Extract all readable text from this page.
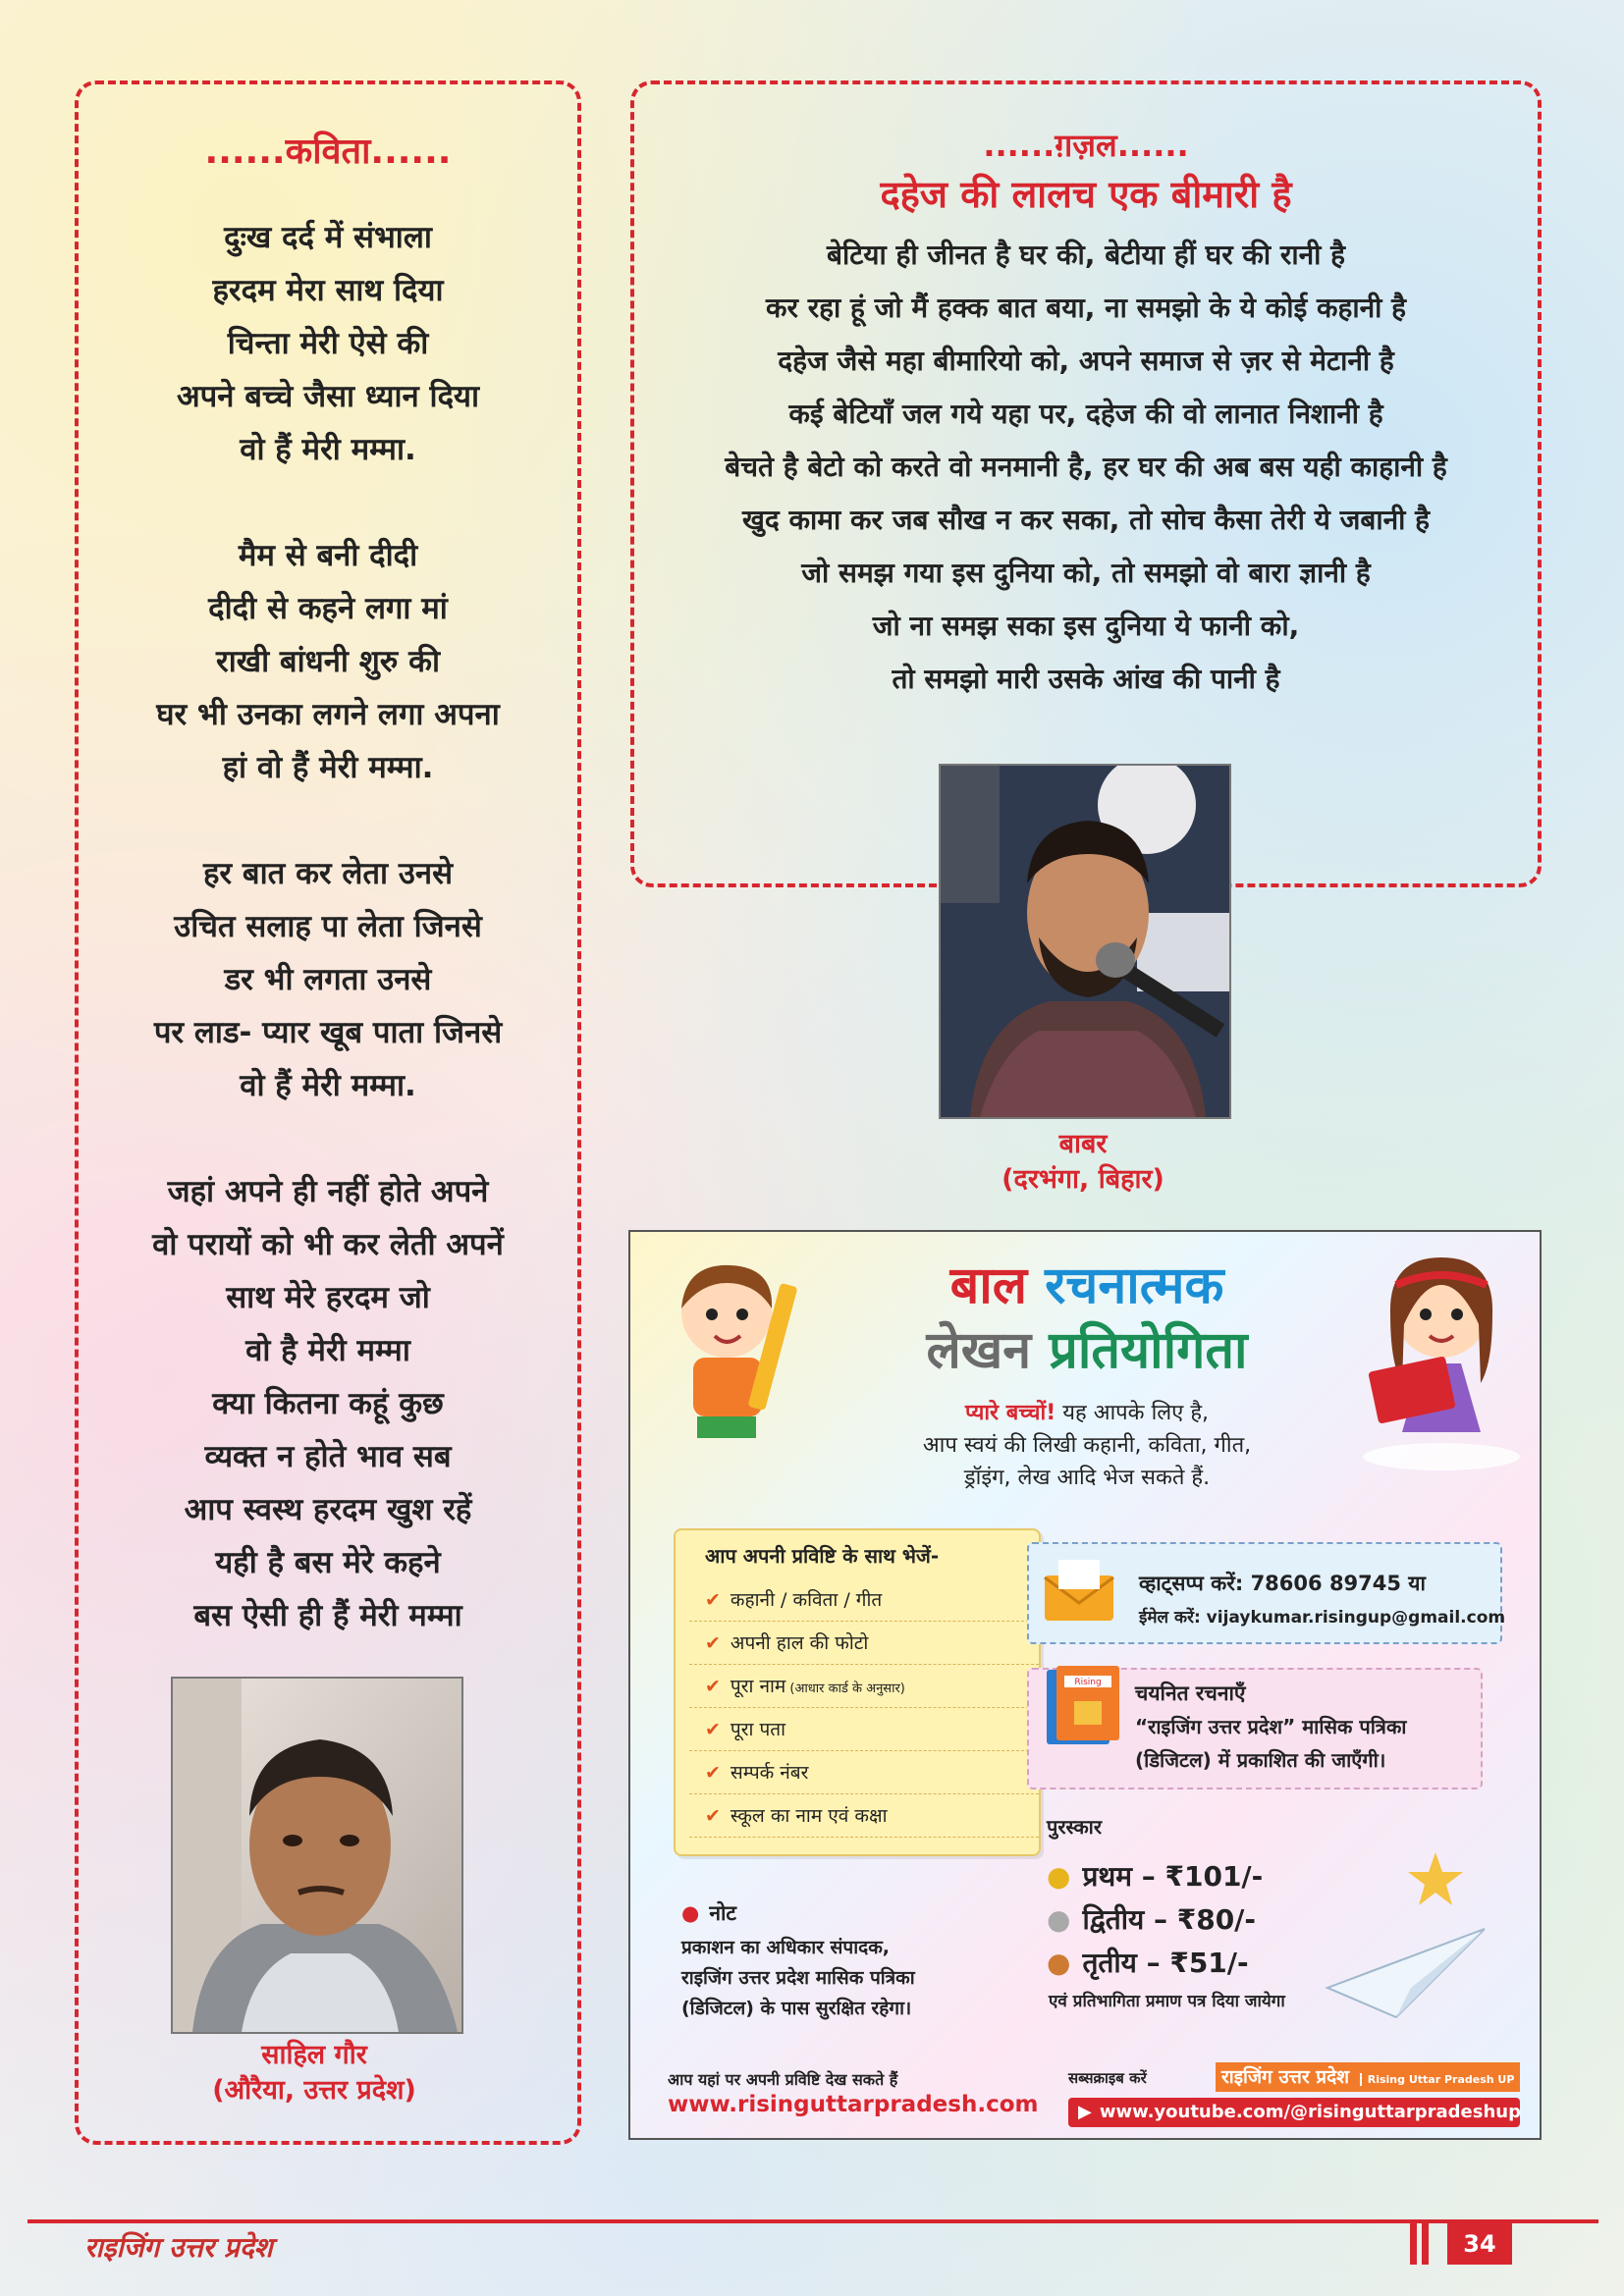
......कविता......
दुःख दर्द में संभाला
हरदम मेरा साथ दिया
चिन्ता मेरी ऐसे की
अपने बच्चे जैसा ध्यान दिया
वो हैं मेरी मम्मा.
मैम से बनी दीदी
दीदी से कहने लगा मां
राखी बांधनी शुरु की
घर भी उनका लगने लगा अपना
हां वो हैं मेरी मम्मा.
हर बात कर लेता उनसे
उचित सलाह पा लेता जिनसे
डर भी लगता उनसे
पर लाड- प्यार खूब पाता जिनसे
वो हैं मेरी मम्मा.
जहां अपने ही नहीं होते अपने
वो परायों को भी कर लेती अपनें
साथ मेरे हरदम जो
वो है मेरी मम्मा
क्या कितना कहूं कुछ
व्यक्त न होते भाव सब
आप स्वस्थ हरदम खुश रहें
यही है बस मेरे कहने
बस ऐसी ही हैं मेरी मम्मा
साहिल गौर
(औरैया, उत्तर प्रदेश)
......ग़ज़ल......
दहेज की लालच एक बीमारी है
बेटिया ही जीनत है घर की, बेटीया हीं घर की रानी है
कर रहा हूं जो मैं हक्क बात बया, ना समझो के ये कोई कहानी है
दहेज जैसे महा बीमारियो को, अपने समाज से ज़र से मेटानी है
कई बेटियाँ जल गये यहा पर, दहेज की वो लानात निशानी है
बेचते है बेटो को करते वो मनमानी है, हर घर की अब बस यही काहानी है
खुद कामा कर जब सौख न कर सका, तो सोच कैसा तेरी ये जबानी है
जो समझ गया इस दुनिया को, तो समझो वो बारा ज्ञानी है
जो ना समझ सका इस दुनिया ये फानी को,
तो समझो मारी उसके आंख की पानी है
बाबर
(दरभंगा, बिहार)
बाल रचनात्मक
लेखन प्रतियोगिता
प्यारे बच्चों! यह आपके लिए है,
आप स्वयं की लिखी कहानी, कविता, गीत,
ड्रॉइंग, लेख आदि भेज सकते हैं.
आप अपनी प्रविष्टि के साथ भेजें-
✔ कहानी / कविता / गीत
✔ अपनी हाल की फोटो
✔ पूरा नाम (आधार कार्ड के अनुसार)
✔ पूरा पता
✔ सम्पर्क नंबर
✔ स्कूल का नाम एवं कक्षा
व्हाट्सप्प करें: 78606 89745 या
ईमेल करें: vijaykumar.risingup@gmail.com
Rising चयनित रचनाएँ
“राइजिंग उत्तर प्रदेश” मासिक पत्रिका
(डिजिटल) में प्रकाशित की जाएँगी।
पुरस्कार
● प्रथम – ₹101/-
● द्वितीय – ₹80/-
● तृतीय – ₹51/-
एवं प्रतिभागिता प्रमाण पत्र दिया जायेगा
● नोट
प्रकाशन का अधिकार संपादक,
राइजिंग उत्तर प्रदेश मासिक पत्रिका
(डिजिटल) के पास सुरक्षित रहेगा।
आप यहां पर अपनी प्रविष्टि देख सकते हैं
www.risinguttarpradesh.com
सब्सक्राइब करें	राइजिंग उत्तर प्रदेश Rising Uttar Pradesh UP
▶ www.youtube.com/@risinguttarpradeshup
राइजिंग उत्तर प्रदेश	34
